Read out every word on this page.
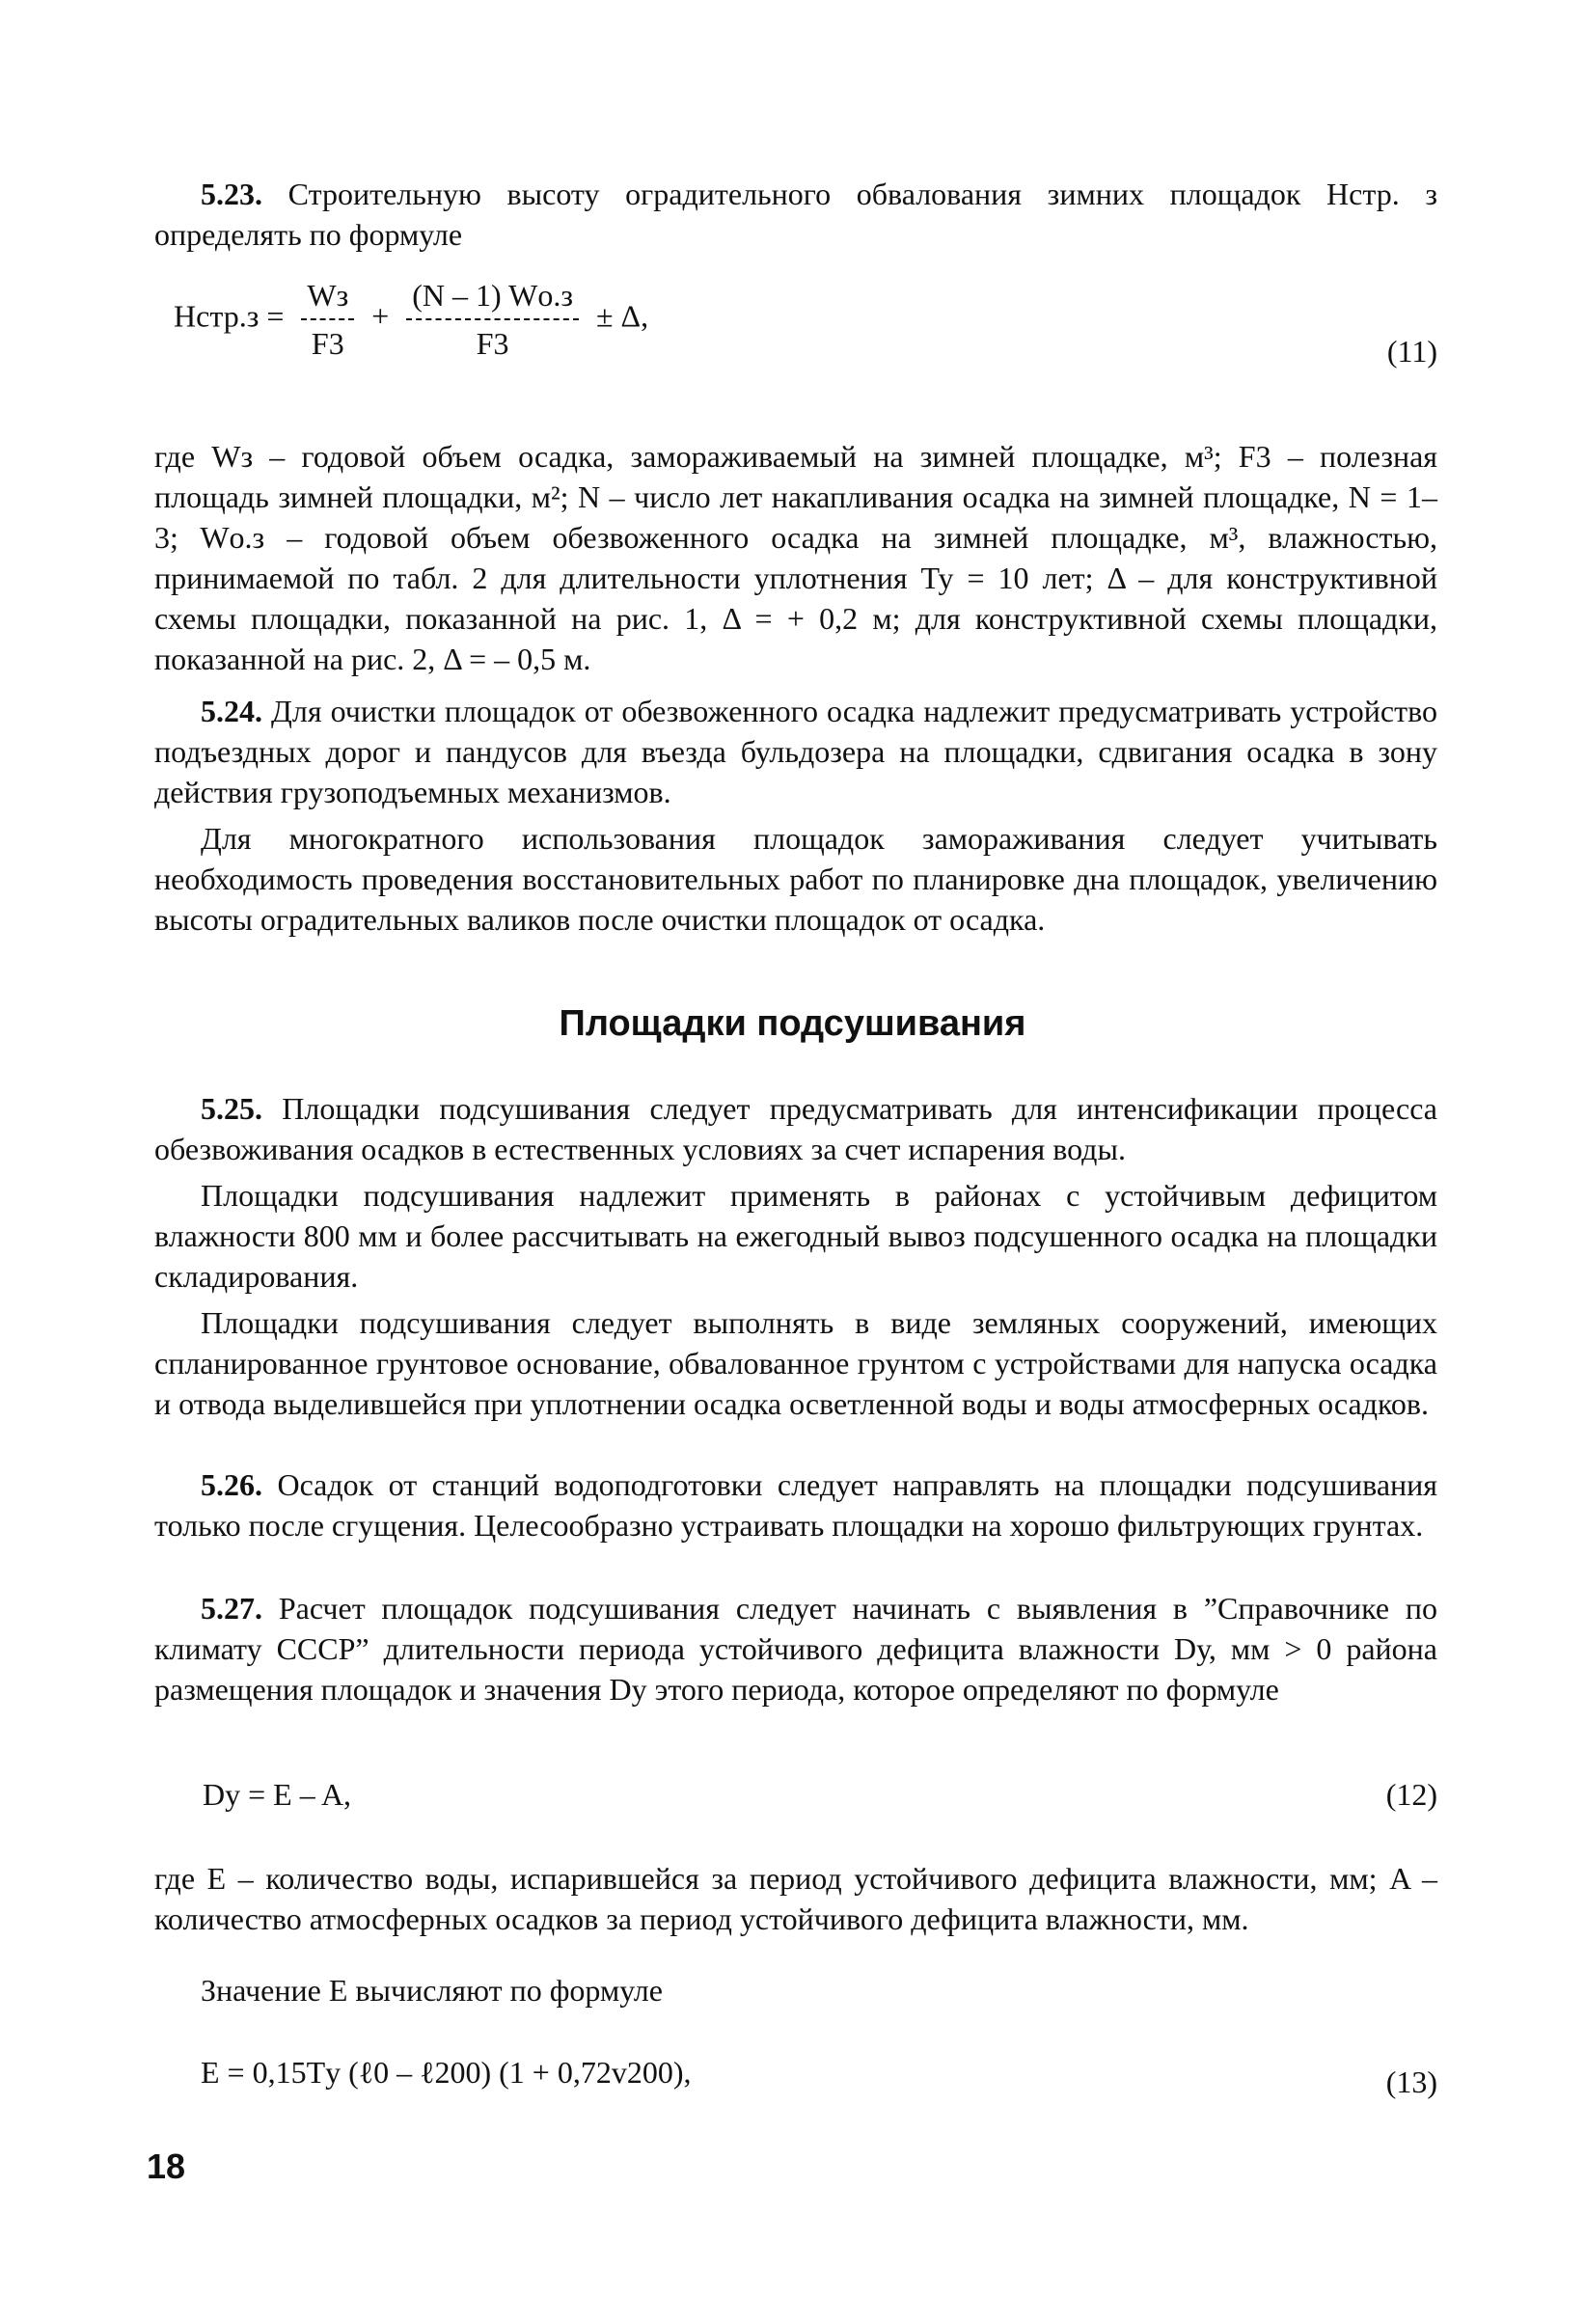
5.23. Строительную высоту оградительного обвалования зимних площадок Hстр. з определять по формуле

Hстр.з = $\frac{Wз}{F3} + \frac{(N - 1) Wо.з}{F3} \pm \Delta$,
(11)

где Wз – годовой объем осадка, замораживаемый на зимней площадке, м³; F3 – полезная площадь зимней площадки, м²; N – число лет накапливания осадка на зимней площадке, N = 1–3; Wо.з – годовой объем обезвоженного осадка на зимней площадке, м³, влажностью, принимаемой по табл. 2 для длительности уплотнения Ту = 10 лет; Δ – для конструктивной схемы площадки, показанной на рис. 1, Δ = + 0,2 м; для конструктивной схемы площадки, показанной на рис. 2, Δ = – 0,5 м.

5.24. Для очистки площадок от обезвоженного осадка надлежит предусматривать устройство подъездных дорог и пандусов для въезда бульдозера на площадки, сдвигания осадка в зону действия грузоподъемных механизмов.

Для многократного использования площадок замораживания следует учитывать необходимость проведения восстановительных работ по планировке дна площадок, увеличению высоты оградительных валиков после очистки площадок от осадка.

Площадки подсушивания

5.25. Площадки подсушивания следует предусматривать для интенсификации процесса обезвоживания осадков в естественных условиях за счет испарения воды.

Площадки подсушивания надлежит применять в районах с устойчивым дефицитом влажности 800 мм и более рассчитывать на ежегодный вывоз подсушенного осадка на площадки складирования.

Площадки подсушивания следует выполнять в виде земляных сооружений, имеющих спланированное грунтовое основание, обвалованное грунтом с устройствами для напуска осадка и отвода выделившейся при уплотнении осадка осветленной воды и воды атмосферных осадков.

5.26. Осадок от станций водоподготовки следует направлять на площадки подсушивания только после сгущения. Целесообразно устраивать площадки на хорошо фильтрующих грунтах.

5.27. Расчет площадок подсушивания следует начинать с выявления в ”Справочнике по климату СССР” длительности периода устойчивого дефицита влажности Dу, мм > 0 района размещения площадок и значения Dу этого периода, которое определяют по формуле

Dу = E – A,	(12)

где E – количество воды, испарившейся за период устойчивого дефицита влажности, мм; A – количество атмосферных осадков за период устойчивого дефицита влажности, мм.

Значение E вычисляют по формуле

E = 0,15Tу (ℓ0 – ℓ200) (1 + 0,72v200),	(13)
18
